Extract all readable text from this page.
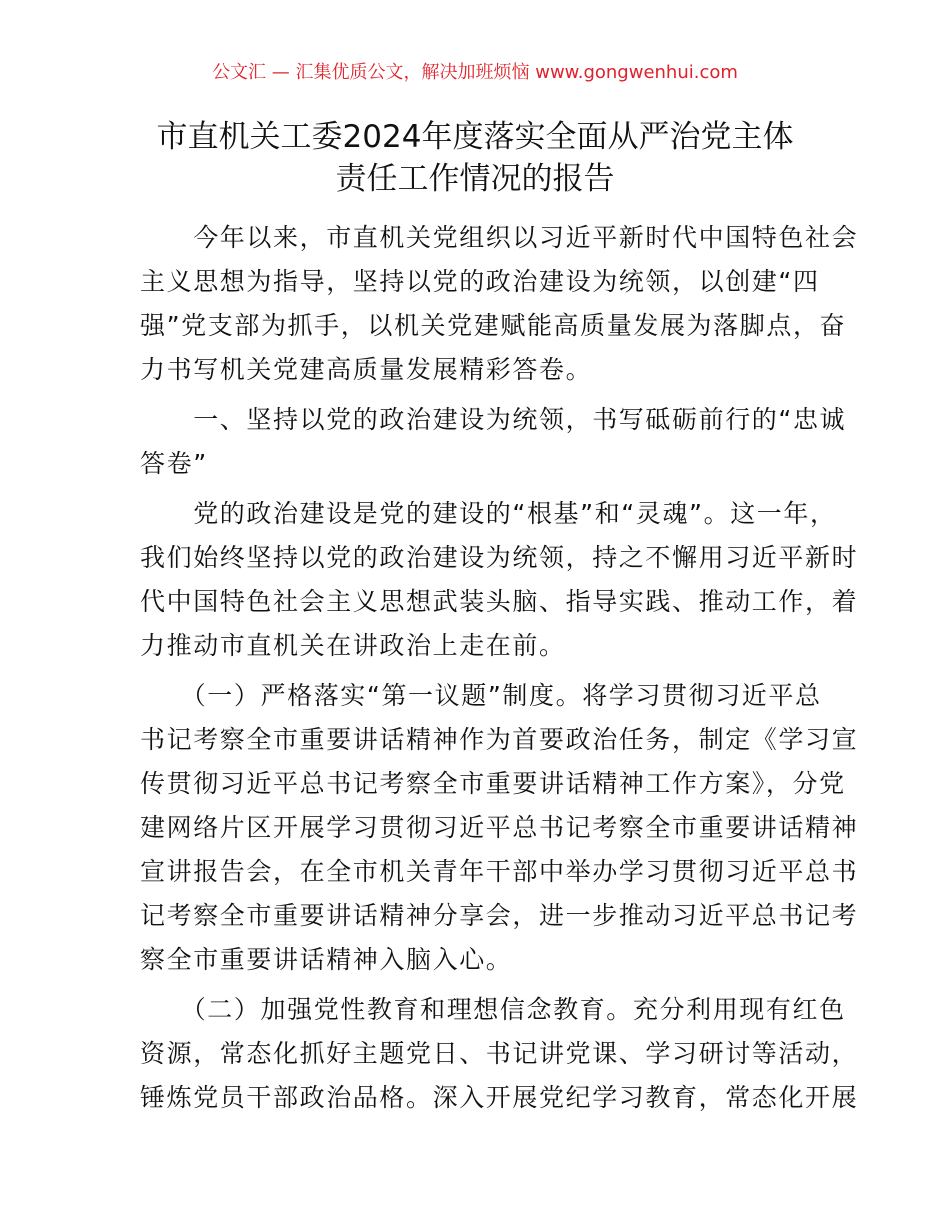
公文汇 — 汇集优质公文，解决加班烦恼 www.gongwenhui.com
市直机关工委2024年度落实全面从严治党主体
责任工作情况的报告
　　今年以来，市直机关党组织以习近平新时代中国特色社会
主义思想为指导，坚持以党的政治建设为统领，以创建“四
强”党支部为抓手，以机关党建赋能高质量发展为落脚点，奋
力书写机关党建高质量发展精彩答卷。
　　一、坚持以党的政治建设为统领，书写砥砺前行的“忠诚
答卷”
　　党的政治建设是党的建设的“根基”和“灵魂”。这一年，
我们始终坚持以党的政治建设为统领，持之不懈用习近平新时
代中国特色社会主义思想武装头脑、指导实践、推动工作，着
力推动市直机关在讲政治上走在前。
　　（一）严格落实“第一议题”制度。将学习贯彻习近平总
书记考察全市重要讲话精神作为首要政治任务，制定《学习宣
传贯彻习近平总书记考察全市重要讲话精神工作方案》，分党
建网络片区开展学习贯彻习近平总书记考察全市重要讲话精神
宣讲报告会，在全市机关青年干部中举办学习贯彻习近平总书
记考察全市重要讲话精神分享会，进一步推动习近平总书记考
察全市重要讲话精神入脑入心。
　　（二）加强党性教育和理想信念教育。充分利用现有红色
资源，常态化抓好主题党日、书记讲党课、学习研讨等活动，
锤炼党员干部政治品格。深入开展党纪学习教育，常态化开展
